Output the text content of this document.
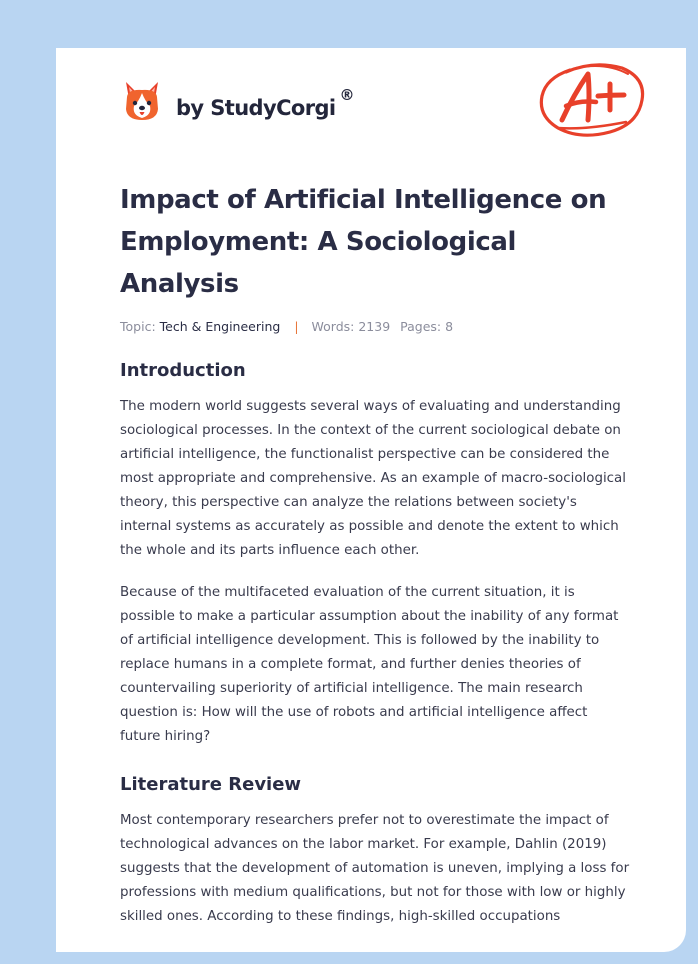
by StudyCorgi®
Impact of Artificial Intelligence on Employment: A Sociological Analysis
Topic: Tech & Engineering | Words: 2139 Pages: 8
Introduction

The modern world suggests several ways of evaluating and understanding sociological processes. In the context of the current sociological debate on artificial intelligence, the functionalist perspective can be considered the most appropriate and comprehensive. As an example of macro-sociological theory, this perspective can analyze the relations between society's internal systems as accurately as possible and denote the extent to which the whole and its parts influence each other.

Because of the multifaceted evaluation of the current situation, it is possible to make a particular assumption about the inability of any format of artificial intelligence development. This is followed by the inability to replace humans in a complete format, and further denies theories of countervailing superiority of artificial intelligence. The main research question is: How will the use of robots and artificial intelligence affect future hiring?

Literature Review

Most contemporary researchers prefer not to overestimate the impact of technological advances on the labor market. For example, Dahlin (2019) suggests that the development of automation is uneven, implying a loss for professions with medium qualifications, but not for those with low or highly skilled ones. According to these findings, high-skilled occupations
